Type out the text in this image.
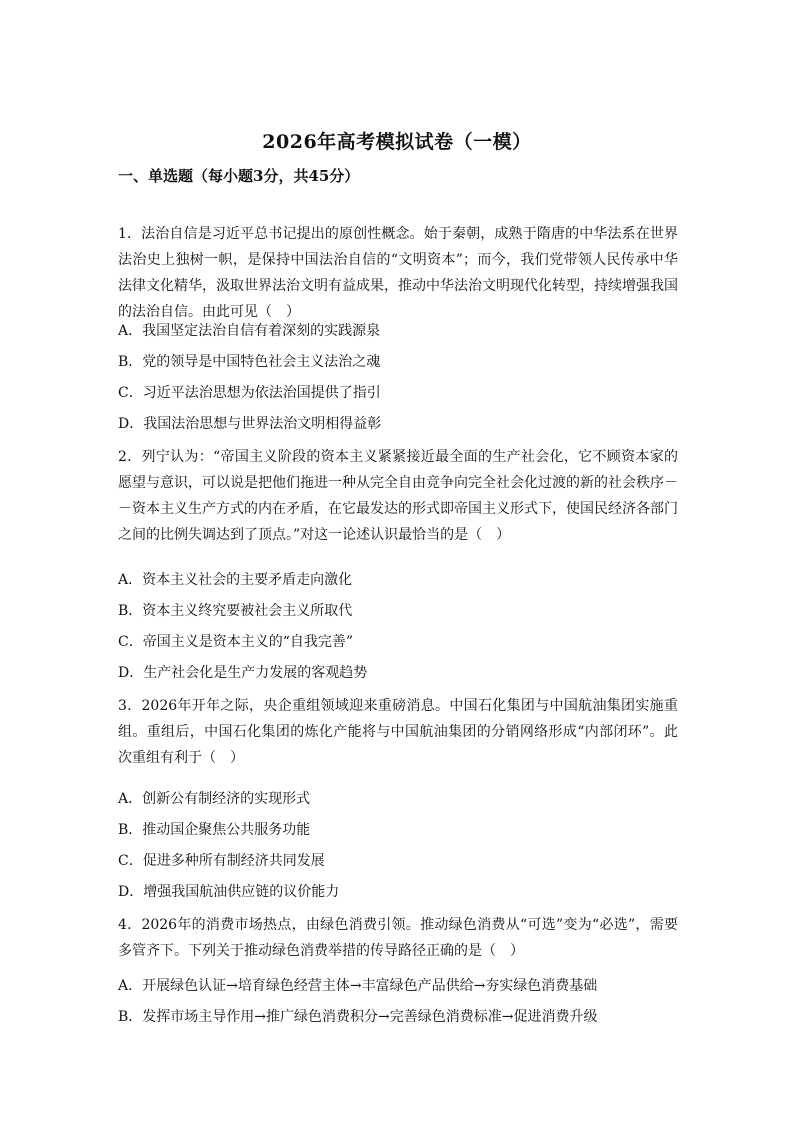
2026年高考模拟试卷（一模）
一、单选题（每小题3分，共45分）
1．法治自信是习近平总书记提出的原创性概念。始于秦朝，成熟于隋唐的中华法系在世界法治史上独树一帜，是保持中国法治自信的“文明资本”；而今，我们党带领人民传承中华法律文化精华，汲取世界法治文明有益成果，推动中华法治文明现代化转型，持续增强我国的法治自信。由此可见（　）
A．我国坚定法治自信有着深刻的实践源泉
B．党的领导是中国特色社会主义法治之魂
C．习近平法治思想为依法治国提供了指引
D．我国法治思想与世界法治文明相得益彰
2．列宁认为：“帝国主义阶段的资本主义紧紧接近最全面的生产社会化，它不顾资本家的愿望与意识，可以说是把他们拖进一种从完全自由竞争向完全社会化过渡的新的社会秩序－－资本主义生产方式的内在矛盾，在它最发达的形式即帝国主义形式下，使国民经济各部门之间的比例失调达到了顶点。”对这一论述认识最恰当的是（　）
A．资本主义社会的主要矛盾走向激化
B．资本主义终究要被社会主义所取代
C．帝国主义是资本主义的“自我完善”
D．生产社会化是生产力发展的客观趋势
3．2026年开年之际，央企重组领域迎来重磅消息。中国石化集团与中国航油集团实施重组。重组后，中国石化集团的炼化产能将与中国航油集团的分销网络形成“内部闭环”。此次重组有利于（　）
A．创新公有制经济的实现形式
B．推动国企聚焦公共服务功能
C．促进多种所有制经济共同发展
D．增强我国航油供应链的议价能力
4．2026年的消费市场热点，由绿色消费引领。推动绿色消费从“可选”变为“必选”，需要多管齐下。下列关于推动绿色消费举措的传导路径正确的是（　）
A．开展绿色认证→培育绿色经营主体→丰富绿色产品供给→夯实绿色消费基础
B．发挥市场主导作用→推广绿色消费积分→完善绿色消费标准→促进消费升级
